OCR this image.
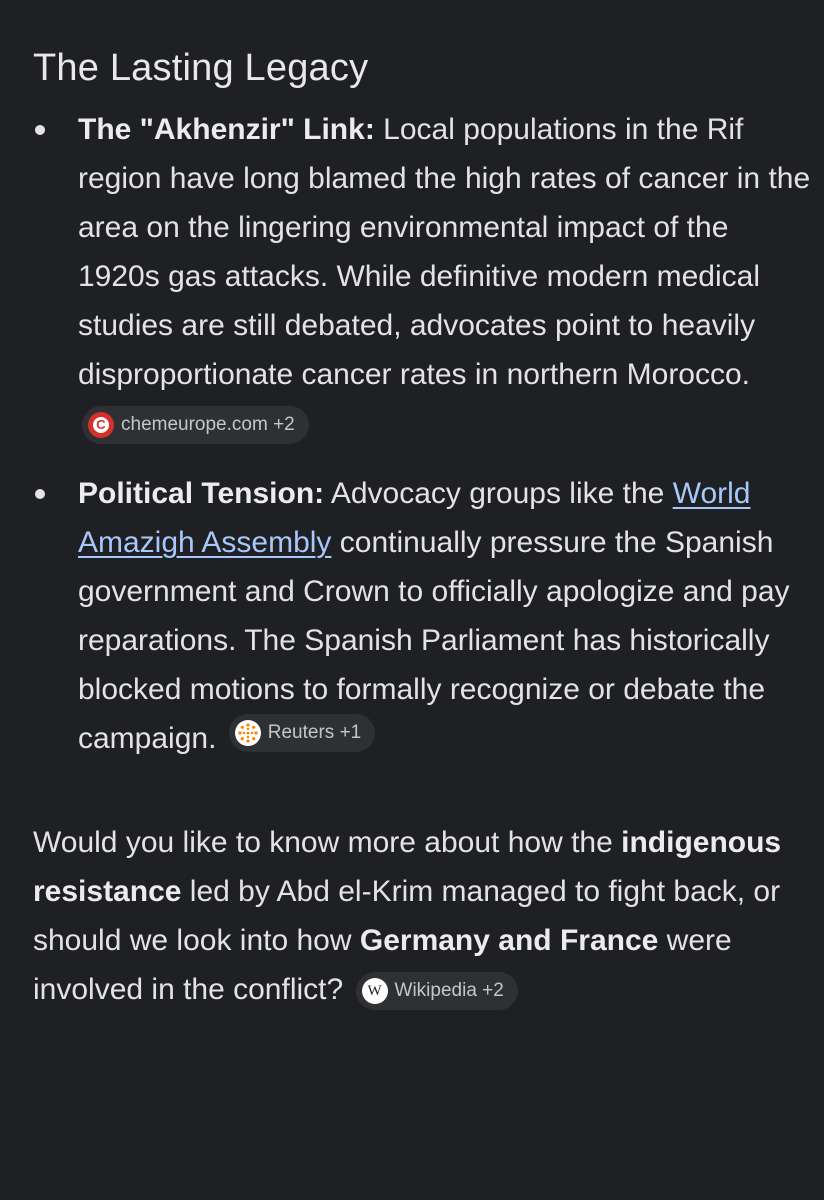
The Lasting Legacy
The "Akhenzir" Link: Local populations in the Rif region have long blamed the high rates of cancer in the area on the lingering environmental impact of the 1920s gas attacks. While definitive modern medical studies are still debated, advocates point to heavily disproportionate cancer rates in northern Morocco.
C chemeurope.com +2
Political Tension: Advocacy groups like the World Amazigh Assembly continually pressure the Spanish government and Crown to officially apologize and pay reparations. The Spanish Parliament has historically blocked motions to formally recognize or debate the campaign.	Reuters +1

Would you like to know more about how the indigenous resistance led by Abd el-Krim managed to fight back, or should we look into how Germany and France were involved in the conflict?	W Wikipedia +2
